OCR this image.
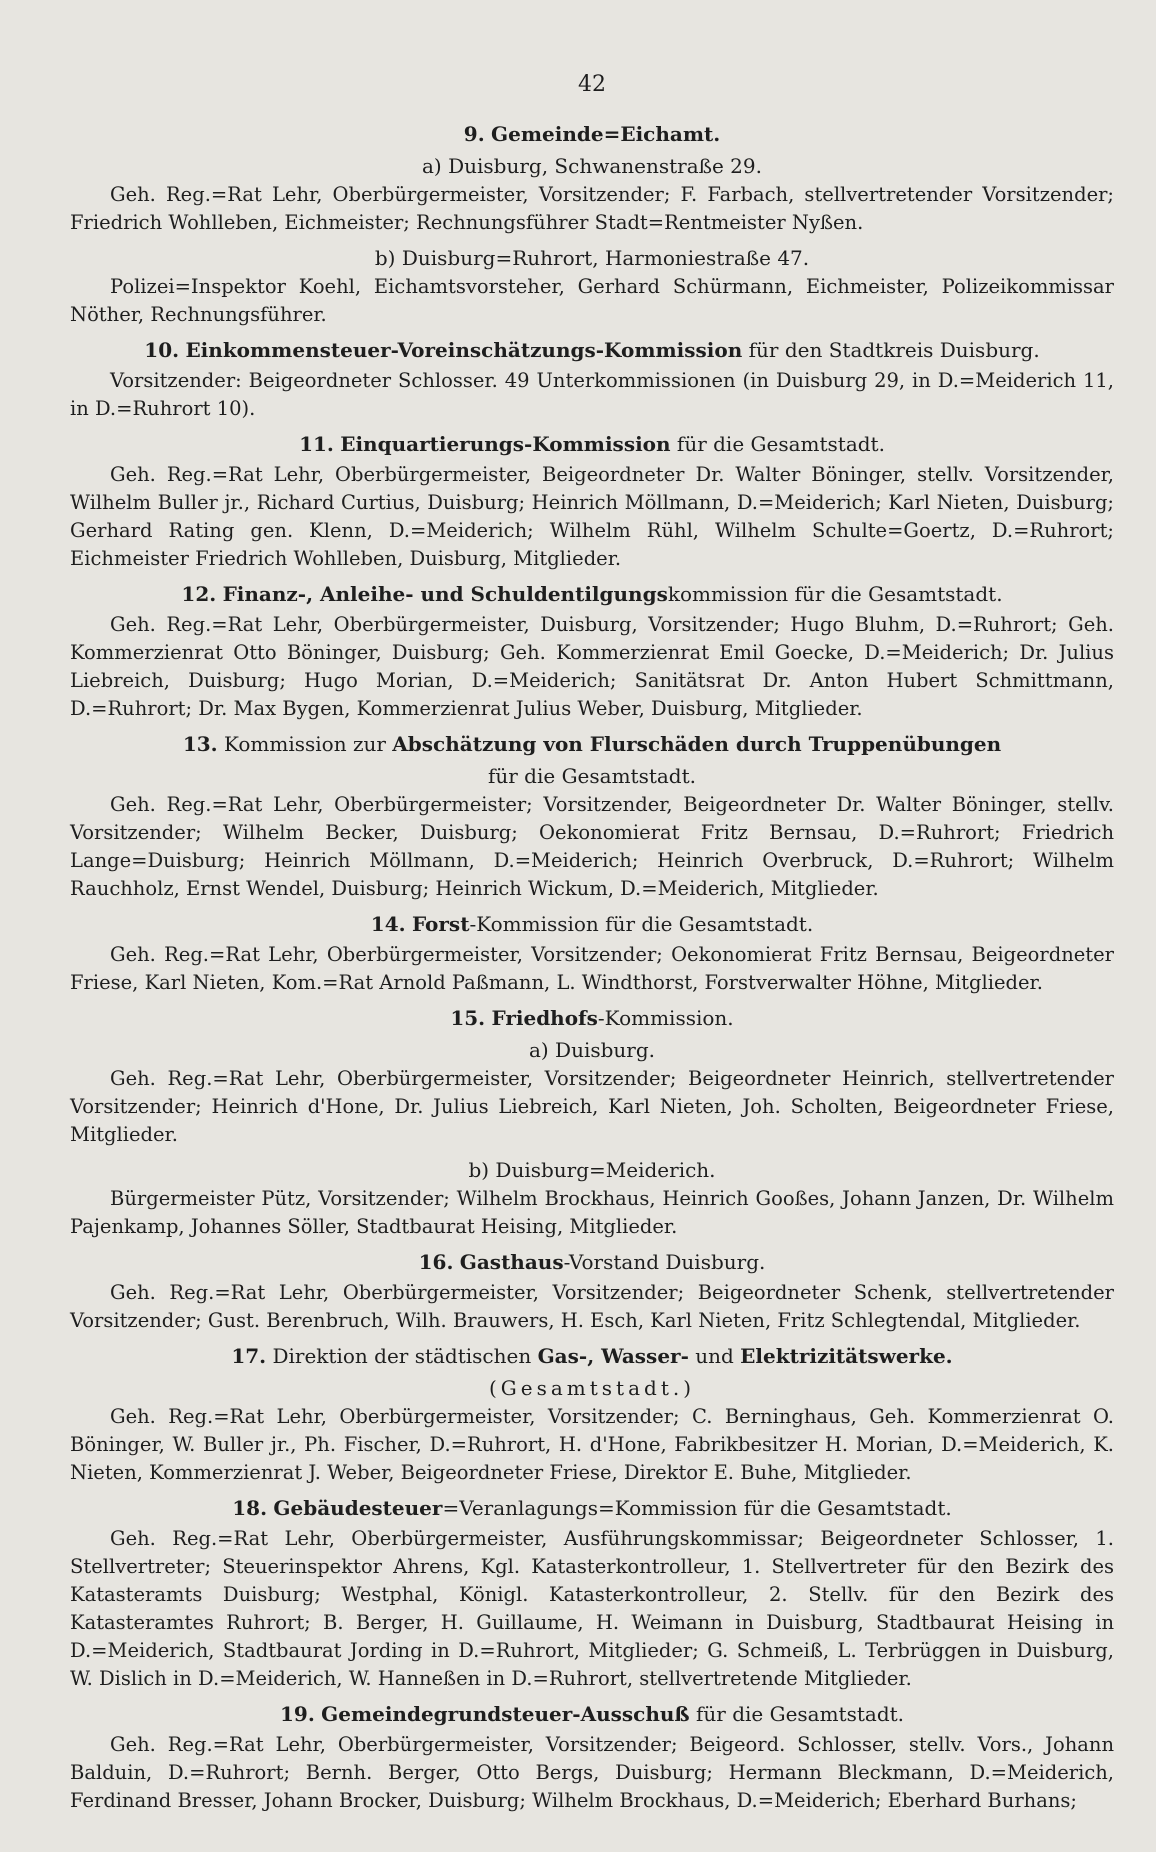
42
9. Gemeinde=Eichamt.
a) Duisburg, Schwanenstraße 29.

Geh. Reg.=Rat Lehr, Oberbürgermeister, Vorsitzender; F. Farbach, stellvertretender Vorsitzender; Friedrich Wohlleben, Eichmeister; Rechnungsführer Stadt=Rentmeister Nyßen.

b) Duisburg=Ruhrort, Harmoniestraße 47.

Polizei=Inspektor Koehl, Eichamtsvorsteher, Gerhard Schürmann, Eichmeister, Polizeikommissar Nöther, Rechnungsführer.

10. Einkommensteuer-Voreinschätzungs-Kommission für den Stadtkreis Duisburg.

Vorsitzender: Beigeordneter Schlosser. 49 Unterkommissionen (in Duisburg 29, in D.=Meiderich 11, in D.=Ruhrort 10).

11. Einquartierungs-Kommission für die Gesamtstadt.

Geh. Reg.=Rat Lehr, Oberbürgermeister, Beigeordneter Dr. Walter Böninger, stellv. Vorsitzender, Wilhelm Buller jr., Richard Curtius, Duisburg; Heinrich Möllmann, D.=Meiderich; Karl Nieten, Duisburg; Gerhard Rating gen. Klenn, D.=Meiderich; Wilhelm Rühl, Wilhelm Schulte=Goertz, D.=Ruhrort; Eichmeister Friedrich Wohlleben, Duisburg, Mitglieder.

12. Finanz-, Anleihe- und Schuldentilgungskommission für die Gesamtstadt.

Geh. Reg.=Rat Lehr, Oberbürgermeister, Duisburg, Vorsitzender; Hugo Bluhm, D.=Ruhrort; Geh. Kommerzienrat Otto Böninger, Duisburg; Geh. Kommerzienrat Emil Goecke, D.=Meiderich; Dr. Julius Liebreich, Duisburg; Hugo Morian, D.=Meiderich; Sanitätsrat Dr. Anton Hubert Schmittmann, D.=Ruhrort; Dr. Max Bygen, Kommerzienrat Julius Weber, Duisburg, Mitglieder.

13. Kommission zur Abschätzung von Flurschäden durch Truppenübungen
für die Gesamtstadt.

Geh. Reg.=Rat Lehr, Oberbürgermeister; Vorsitzender, Beigeordneter Dr. Walter Böninger, stellv. Vorsitzender; Wilhelm Becker, Duisburg; Oekonomierat Fritz Bernsau, D.=Ruhrort; Friedrich Lange=Duisburg; Heinrich Möllmann, D.=Meiderich; Heinrich Overbruck, D.=Ruhrort; Wilhelm Rauchholz, Ernst Wendel, Duisburg; Heinrich Wickum, D.=Meiderich, Mitglieder.

14. Forst-Kommission für die Gesamtstadt.

Geh. Reg.=Rat Lehr, Oberbürgermeister, Vorsitzender; Oekonomierat Fritz Bernsau, Beigeordneter Friese, Karl Nieten, Kom.=Rat Arnold Paßmann, L. Windthorst, Forstverwalter Höhne, Mitglieder.

15. Friedhofs-Kommission.
a) Duisburg.

Geh. Reg.=Rat Lehr, Oberbürgermeister, Vorsitzender; Beigeordneter Heinrich, stellvertretender Vorsitzender; Heinrich d'Hone, Dr. Julius Liebreich, Karl Nieten, Joh. Scholten, Beigeordneter Friese, Mitglieder.

b) Duisburg=Meiderich.

Bürgermeister Pütz, Vorsitzender; Wilhelm Brockhaus, Heinrich Gooßes, Johann Janzen, Dr. Wilhelm Pajenkamp, Johannes Söller, Stadtbaurat Heising, Mitglieder.

16. Gasthaus-Vorstand Duisburg.

Geh. Reg.=Rat Lehr, Oberbürgermeister, Vorsitzender; Beigeordneter Schenk, stellvertretender Vorsitzender; Gust. Berenbruch, Wilh. Brauwers, H. Esch, Karl Nieten, Fritz Schlegtendal, Mitglieder.

17. Direktion der städtischen Gas-, Wasser- und Elektrizitätswerke.
(Gesamtstadt.)

Geh. Reg.=Rat Lehr, Oberbürgermeister, Vorsitzender; C. Berninghaus, Geh. Kommerzienrat O. Böninger, W. Buller jr., Ph. Fischer, D.=Ruhrort, H. d'Hone, Fabrikbesitzer H. Morian, D.=Meiderich, K. Nieten, Kommerzienrat J. Weber, Beigeordneter Friese, Direktor E. Buhe, Mitglieder.

18. Gebäudesteuer=Veranlagungs=Kommission für die Gesamtstadt.

Geh. Reg.=Rat Lehr, Oberbürgermeister, Ausführungskommissar; Beigeordneter Schlosser, 1. Stellvertreter; Steuerinspektor Ahrens, Kgl. Katasterkontrolleur, 1. Stellvertreter für den Bezirk des Katasteramts Duisburg; Westphal, Königl. Katasterkontrolleur, 2. Stellv. für den Bezirk des Katasteramtes Ruhrort; B. Berger, H. Guillaume, H. Weimann in Duisburg, Stadtbaurat Heising in D.=Meiderich, Stadtbaurat Jording in D.=Ruhrort, Mitglieder; G. Schmeiß, L. Terbrüggen in Duisburg, W. Dislich in D.=Meiderich, W. Hanneßen in D.=Ruhrort, stellvertretende Mitglieder.

19. Gemeindegrundsteuer-Ausschuß für die Gesamtstadt.

Geh. Reg.=Rat Lehr, Oberbürgermeister, Vorsitzender; Beigeord. Schlosser, stellv. Vors., Johann Balduin, D.=Ruhrort; Bernh. Berger, Otto Bergs, Duisburg; Hermann Bleckmann, D.=Meiderich, Ferdinand Bresser, Johann Brocker, Duisburg; Wilhelm Brockhaus, D.=Meiderich; Eberhard Burhans;
